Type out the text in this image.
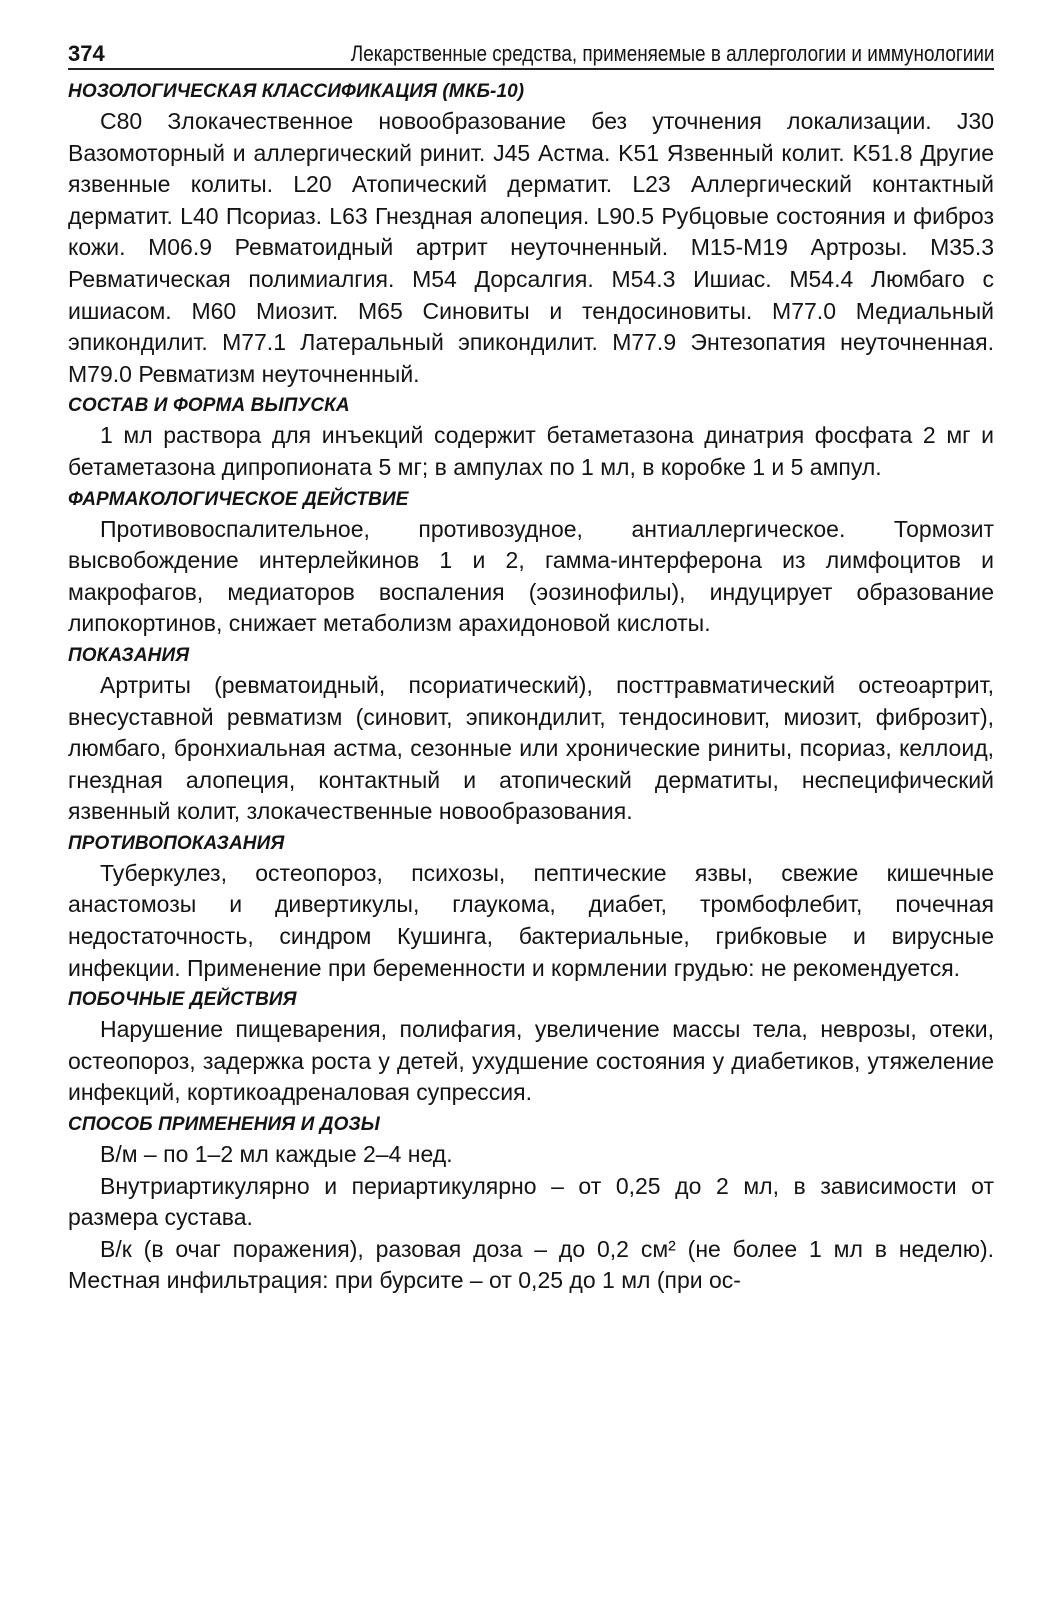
374	Лекарственные средства, применяемые в аллергологии и иммунологиии
НОЗОЛОГИЧЕСКАЯ КЛАССИФИКАЦИЯ (МКБ-10)

C80 Злокачественное новообразование без уточнения локализации. J30 Вазомоторный и аллергический ринит. J45 Астма. K51 Язвенный колит. K51.8 Другие язвенные колиты. L20 Атопический дерматит. L23 Аллергический контактный дерматит. L40 Псориаз. L63 Гнездная алопеция. L90.5 Рубцовые состояния и фиброз кожи. M06.9 Ревматоидный артрит неуточненный. M15-M19 Артрозы. M35.3 Ревматическая полимиалгия. M54 Дорсалгия. M54.3 Ишиас. M54.4 Люмбаго с ишиасом. M60 Миозит. M65 Синовиты и тендосиновиты. M77.0 Медиальный эпикондилит. M77.1 Латеральный эпикондилит. M77.9 Энтезопатия неуточненная. M79.0 Ревматизм неуточненный.

СОСТАВ И ФОРМА ВЫПУСКА

1 мл раствора для инъекций содержит бетаметазона динатрия фосфата 2 мг и бетаметазона дипропионата 5 мг; в ампулах по 1 мл, в коробке 1 и 5 ампул.

ФАРМАКОЛОГИЧЕСКОЕ ДЕЙСТВИЕ

Противовоспалительное, противозудное, антиаллергическое. Тормозит высвобождение интерлейкинов 1 и 2, гамма-интерферона из лимфоцитов и макрофагов, медиаторов воспаления (эозинофилы), индуцирует образование липокортинов, снижает метаболизм арахидоновой кислоты.

ПОКАЗАНИЯ

Артриты (ревматоидный, псориатический), посттравматический остеоартрит, внесуставной ревматизм (синовит, эпикондилит, тендосиновит, миозит, фиброзит), люмбаго, бронхиальная астма, сезонные или хронические риниты, псориаз, келлоид, гнездная алопеция, контактный и атопический дерматиты, неспецифический язвенный колит, злокачественные новообразования.

ПРОТИВОПОКАЗАНИЯ

Туберкулез, остеопороз, психозы, пептические язвы, свежие кишечные анастомозы и дивертикулы, глаукома, диабет, тромбофлебит, почечная недостаточность, синдром Кушинга, бактериальные, грибковые и вирусные инфекции. Применение при беременности и кормлении грудью: не рекомендуется.

ПОБОЧНЫЕ ДЕЙСТВИЯ

Нарушение пищеварения, полифагия, увеличение массы тела, неврозы, отеки, остеопороз, задержка роста у детей, ухудшение состояния у диабетиков, утяжеление инфекций, кортикоадреналовая супрессия.

СПОСОБ ПРИМЕНЕНИЯ И ДОЗЫ

В/м – по 1–2 мл каждые 2–4 нед.

Внутриартикулярно и периартикулярно – от 0,25 до 2 мл, в зависимости от размера сустава.

В/к (в очаг поражения), разовая доза – до 0,2 см² (не более 1 мл в неделю). Местная инфильтрация: при бурсите – от 0,25 до 1 мл (при ос-
